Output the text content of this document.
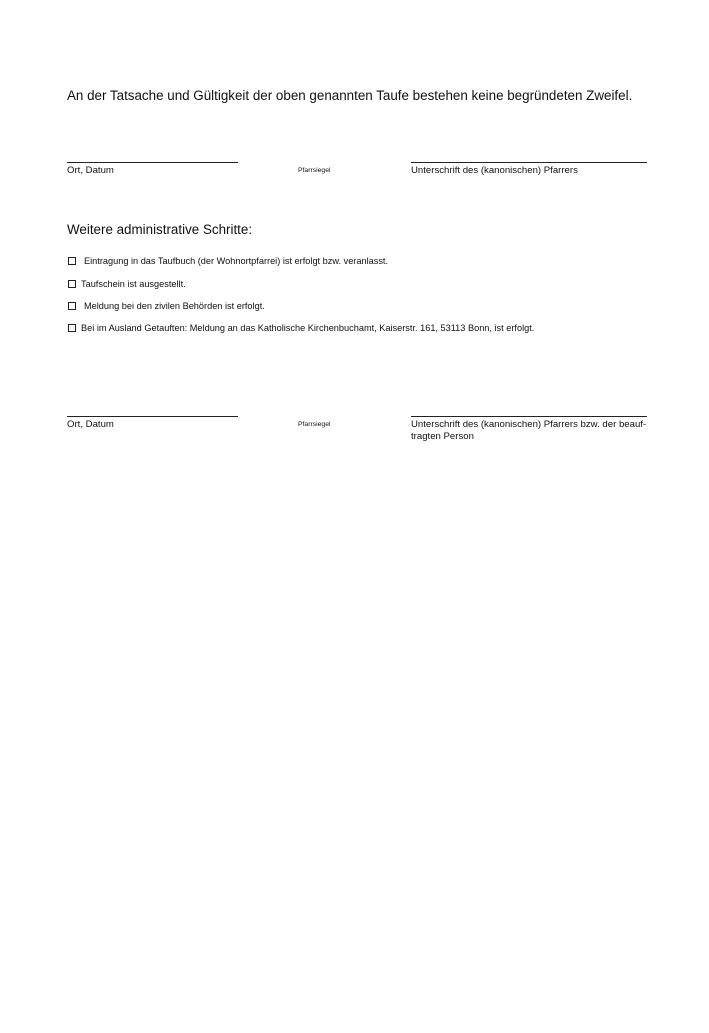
An der Tatsache und Gültigkeit der oben genannten Taufe bestehen keine begründeten Zweifel.
Ort, Datum	Pfarrsiegel	Unterschrift des (kanonischen) Pfarrers
Weitere administrative Schritte:
Eintragung in das Taufbuch (der Wohnortpfarrei) ist erfolgt bzw. veranlasst.
Taufschein ist ausgestellt.
Meldung bei den zivilen Behörden ist erfolgt.
Bei im Ausland Getauften: Meldung an das Katholische Kirchenbuchamt, Kaiserstr. 161, 53113 Bonn, ist erfolgt.
Ort, Datum	Pfarrsiegel	Unterschrift des (kanonischen) Pfarrers bzw. der beauf-tragten Person
